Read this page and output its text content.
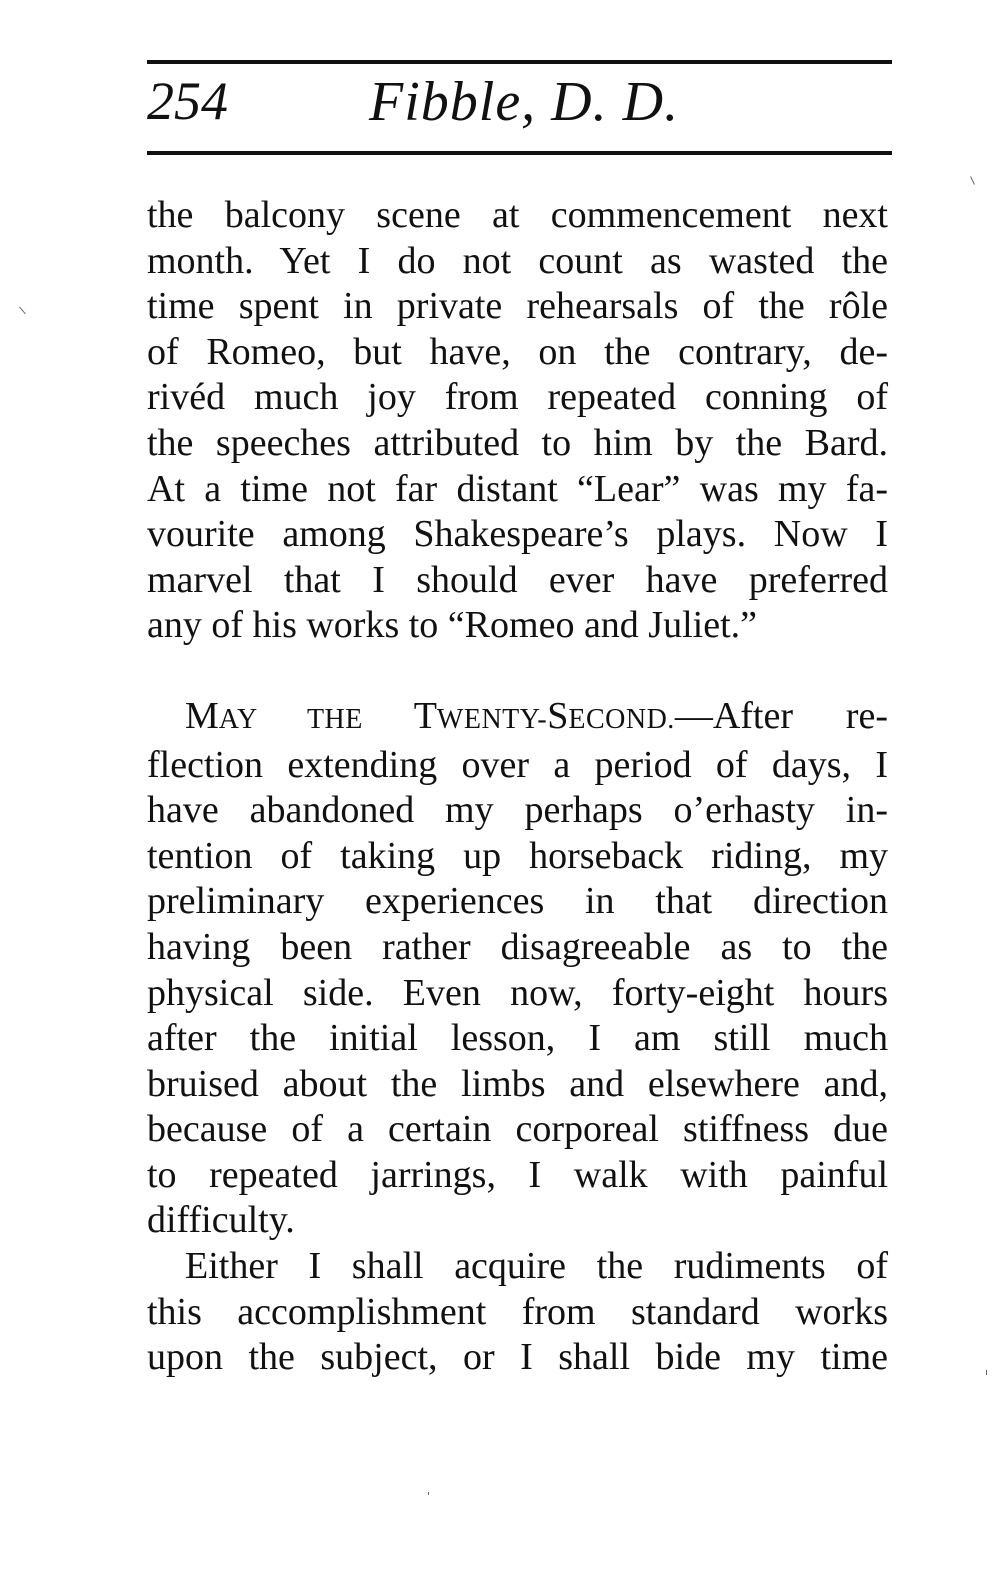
254	Fibble, D. D.
the balcony scene at commencement next
month. Yet I do not count as wasted the
time spent in private rehearsals of the rôle
of Romeo, but have, on the contrary, de-
rivéd much joy from repeated conning of
the speeches attributed to him by the Bard.
At a time not far distant “Lear” was my fa-
vourite among Shakespeare’s plays. Now I
marvel that I should ever have preferred
any of his works to “Romeo and Juliet.”
MAY THE TWENTY-SECOND.—After re-
flection extending over a period of days, I
have abandoned my perhaps o’erhasty in-
tention of taking up horseback riding, my
preliminary experiences in that direction
having been rather disagreeable as to the
physical side. Even now, forty-eight hours
after the initial lesson, I am still much
bruised about the limbs and elsewhere and,
because of a certain corporeal stiffness due
to repeated jarrings, I walk with painful
difficulty.
Either I shall acquire the rudiments of
this accomplishment from standard works
upon the subject, or I shall bide my time
